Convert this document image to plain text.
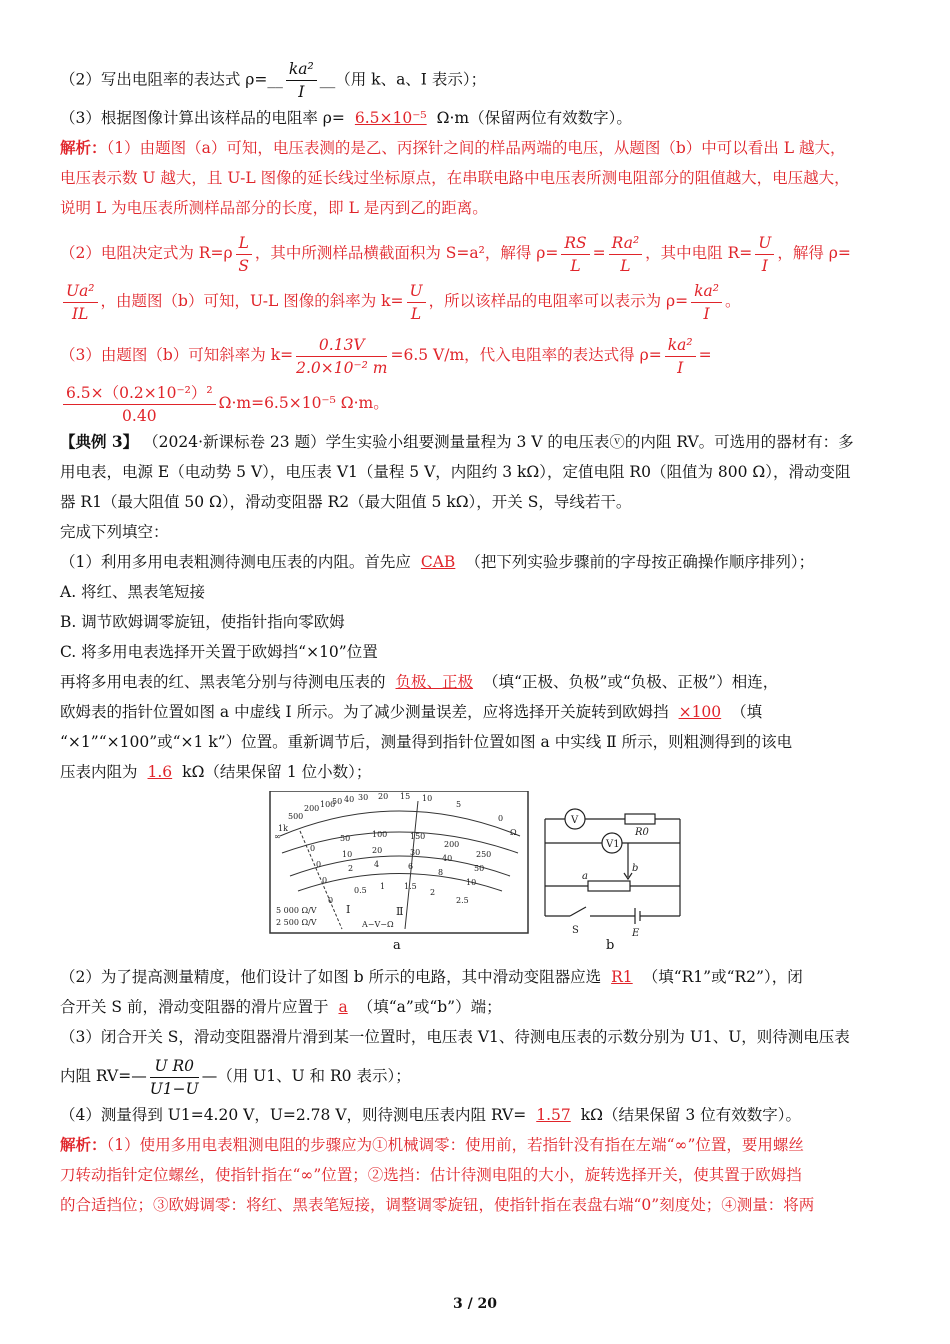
（2）写出电阻率的表达式 ρ=__ $\frac{\text{ka²}}{I}$ __（用 k、a、I 表示）；

（3）根据图像计算出该样品的电阻率 ρ= 6.5×10⁻⁵ Ω·m（保留两位有效数字）。

解析：（1）由题图（a）可知，电压表测的是乙、丙探针之间的样品两端的电压，从题图（b）中可以看出 L 越大，

电压表示数 U 越大，且 U-L 图像的延长线过坐标原点，在串联电路中电压表所测电阻部分的阻值越大，电压越大，

说明 L 为电压表所测样品部分的长度，即 L 是丙到乙的距离。

（2）电阻决定式为 $R=\rho \frac{L}{S}$ ，其中所测样品横截面积为 S=a²，解得 $\rho= \frac{RS}{L} = \frac{\text{Ra²}}{L}$ ，其中电阻 $R= \frac{U}{I}$ ，解得 ρ=

$\frac{\text{Ua²}}{IL}$ ，由题图（b）可知，U-L 图像的斜率为 $k= \frac{U}{L}$ ，所以该样品的电阻率可以表示为 $\rho= \frac{\text{ka²}}{I}$ 。

（3）由题图（b）可知斜率为 $k= \frac{0.13V}{\text{2.0×10⁻² m}} =6.5$ V/m，代入电阻率的表达式得 $\rho= \frac{\text{ka²}}{I}$ =

$\frac{\text{6.5×（0.2×10⁻²）²}}{0.40} \Omega\cdot m=6.5\times 10^{-5}$ Ω·m。

【典例 3】 （2024·新课标卷 23 题）学生实验小组要测量量程为 3 V 的电压表ⓥ的内阻 RV。可选用的器材有：多

用电表，电源 E（电动势 5 V），电压表 V1（量程 5 V，内阻约 3 kΩ），定值电阻 R0（阻值为 800 Ω），滑动变阻

器 R1（最大阻值 50 Ω），滑动变阻器 R2（最大阻值 5 kΩ），开关 S，导线若干。

完成下列填空：

（1）利用多用电表粗测待测电压表的内阻。首先应 CAB （把下列实验步骤前的字母按正确操作顺序排列）；

A. 将红、黑表笔短接

B. 调节欧姆调零旋钮，使指针指向零欧姆

C. 将多用电表选择开关置于欧姆挡“×10”位置

再将多用电表的红、黑表笔分别与待测电压表的 负极、正极 （填“正极、负极”或“负极、正极”）相连，

欧姆表的指针位置如图 a 中虚线 Ⅰ 所示。为了减少测量误差，应将选择开关旋转到欧姆挡 ×100 （填

“×1”“×100”或“×1 k”）位置。重新调节后，测量得到指针位置如图 a 中实线 Ⅱ 所示，则粗测得到的该电

压表内阻为 1.6 kΩ（结果保留 1 位小数）；

1k
500
200 100
50 40 30 20 15 10
5
0
∞	Ω
0
50	100	150
200
250
0
10 20	30
40
50
0
2	4	6
8
10
0
0.5 1 1.5
2
2.5
5 000 Ω/V
2 500 Ω/V	A−V−Ω
Ⅰ	Ⅱ
V
R0
V1
a
b
S	E
a	b

（2）为了提高测量精度，他们设计了如图 b 所示的电路，其中滑动变阻器应选 R1 （填“R1”或“R2”），闭

合开关 S 前，滑动变阻器的滑片应置于 a （填“a”或“b”）端；

（3）闭合开关 S，滑动变阻器滑片滑到某一位置时，电压表 V1、待测电压表的示数分别为 U1、U，则待测电压表

内阻 RV=— $\frac{\text{U R0}}{U1-U}$ —（用 U1、U 和 R0 表示）；

（4）测量得到 U1=4.20 V，U=2.78 V，则待测电压表内阻 RV= 1.57 kΩ（结果保留 3 位有效数字）。

解析：（1）使用多用电表粗测电阻的步骤应为①机械调零：使用前，若指针没有指在左端“∞”位置，要用螺丝

刀转动指针定位螺丝，使指针指在“∞”位置；②选挡：估计待测电阻的大小，旋转选择开关，使其置于欧姆挡

的合适挡位；③欧姆调零：将红、黑表笔短接，调整调零旋钮，使指针指在表盘右端“0”刻度处；④测量：将两

3 / 20
